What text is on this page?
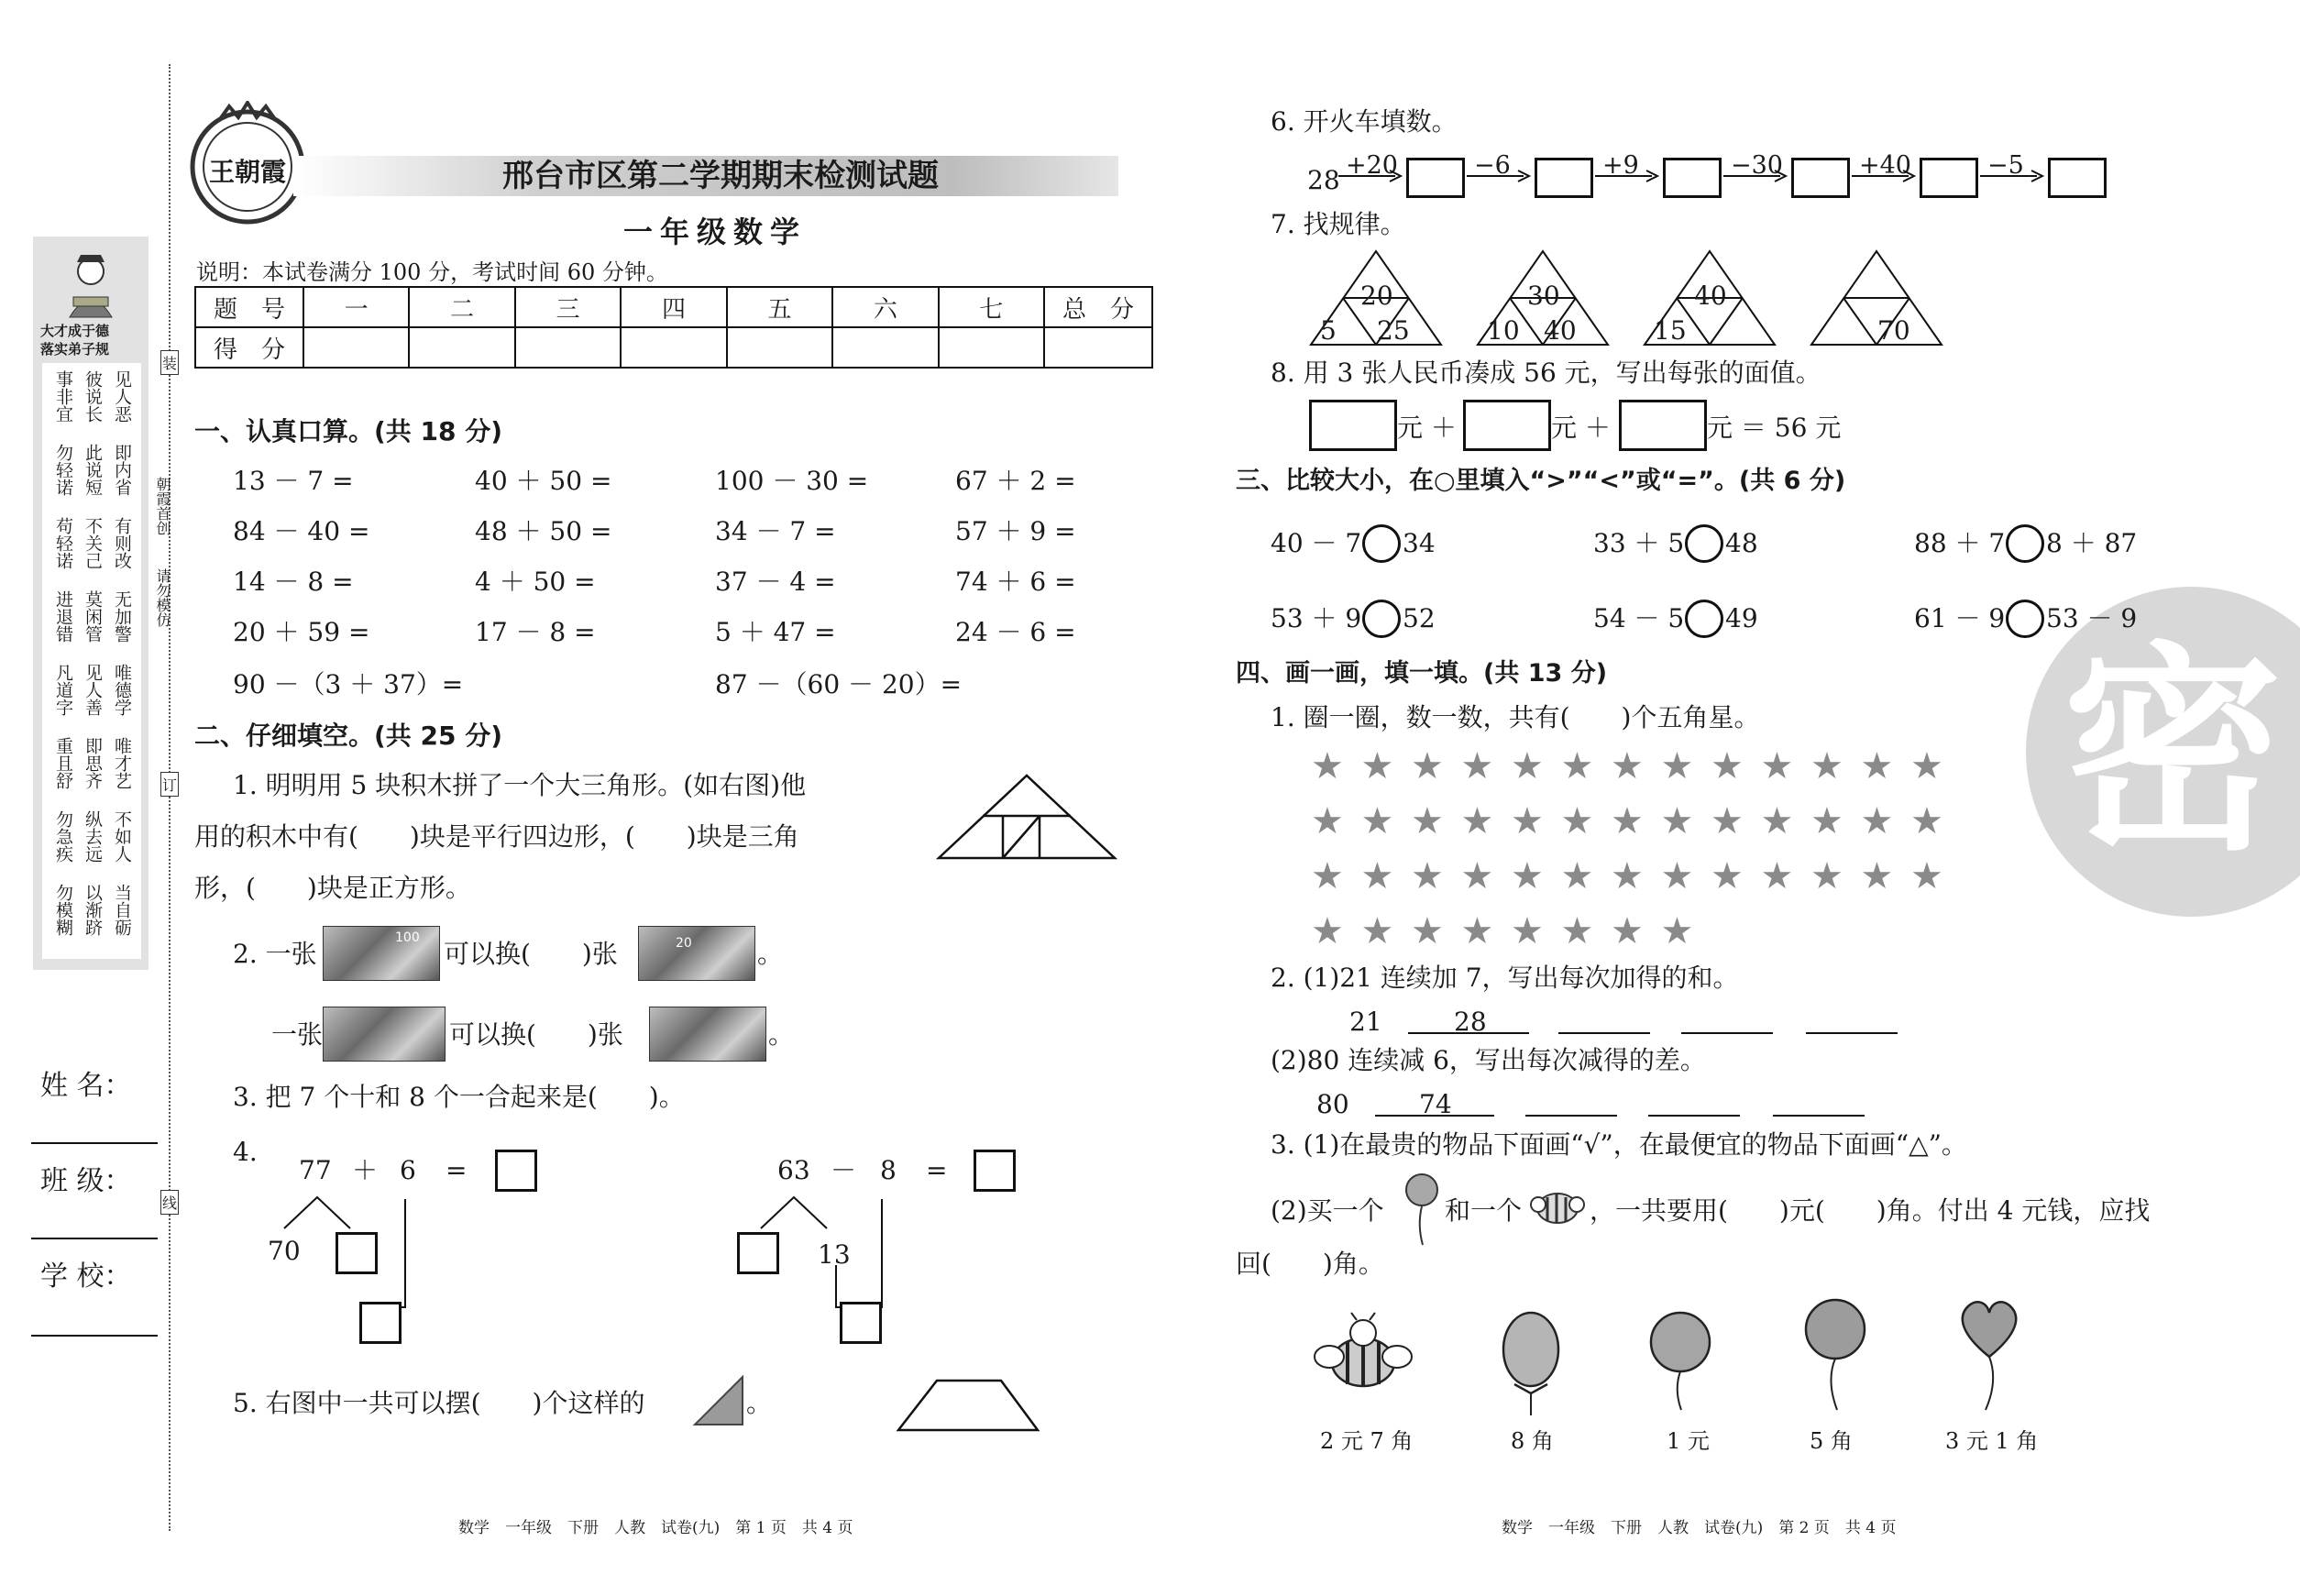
大才成于德
落实弟子规
见人恶
彼说长
事非宜
即内省
此说短
勿轻诺
有则改
不关己
苟轻诺
无加警
莫闲管
进退错
唯德学
见人善
凡道字
唯才艺
即思齐
重且舒
不如人
纵去远
勿急疾
当自砺
以渐跻
勿模糊
装
订
线
朝霞首创
请勿模仿
姓 名：
班 级：
学 校：
王朝霞	邢台市区第二学期期末检测试题
一年级数学
说明：本试卷满分 100 分，考试时间 60 分钟。
题　号	一	二	三	四	五	六	七	总　分
得　分								
一、认真口算。(共 18 分)
13 － 7 =	40 ＋ 50 =	100 － 30 =	67 ＋ 2 =
84 － 40 =	48 ＋ 50 =	34 － 7 =	57 ＋ 9 =
14 － 8 =	4 ＋ 50 =	37 － 4 =	74 ＋ 6 =
20 ＋ 59 =	17 － 8 =	5 ＋ 47 =	24 － 6 =
90 －（3 ＋ 37）=	87 －（60 － 20）=
二、仔细填空。(共 25 分)
1. 明明用 5 块积木拼了一个大三角形。(如右图)他
用的积木中有(　　)块是平行四边形，(　　)块是三角
形，(　　)块是正方形。
2. 一张
100
可以换(　　)张	20	。
一张	可以换(　　)张	。
3. 把 7 个十和 8 个一合起来是(　　)。
4.
77 ＋ 6 =
70
63 － 8 =
13
5. 右图中一共可以摆(　　)个这样的	。
数学　一年级　下册　人教　试卷(九)　第 1 页　共 4 页
密
6. 开火车填数。
28 +20	−6	+9	−30	+40	−5
7. 找规律。
20
5 25
30
10 40
40
15	70
8. 用 3 张人民币凑成 56 元，写出每张的面值。
元 ＋	元 ＋	元 ＝ 56 元
三、比较大小，在○里填入“>”“<”或“=”。(共 6 分)
40 － 7 34	33 ＋ 5 48	88 ＋ 7 8 ＋ 87
53 ＋ 9 52	54 － 5 49	61 － 9 53 － 9
四、画一画，填一填。(共 13 分)
1. 圈一圈，数一数，共有(　　)个五角星。
★ ★ ★ ★ ★ ★ ★ ★ ★ ★ ★ ★ ★
★ ★ ★ ★ ★ ★ ★ ★ ★ ★ ★ ★ ★
★ ★ ★ ★ ★ ★ ★ ★ ★ ★ ★ ★ ★
★ ★ ★ ★ ★ ★ ★ ★
2. (1)21 连续加 7，写出每次加得的和。
21	28
(2)80 连续减 6，写出每次减得的差。
80	74
3. (1)在最贵的物品下面画“√”，在最便宜的物品下面画“△”。
(2)买一个 和一个	，一共要用(　　)元(　　)角。付出 4 元钱，应找
回(　　)角。
2 元 7 角	8 角	1 元	5 角	3 元 1 角
数学　一年级　下册　人教　试卷(九)　第 2 页　共 4 页
